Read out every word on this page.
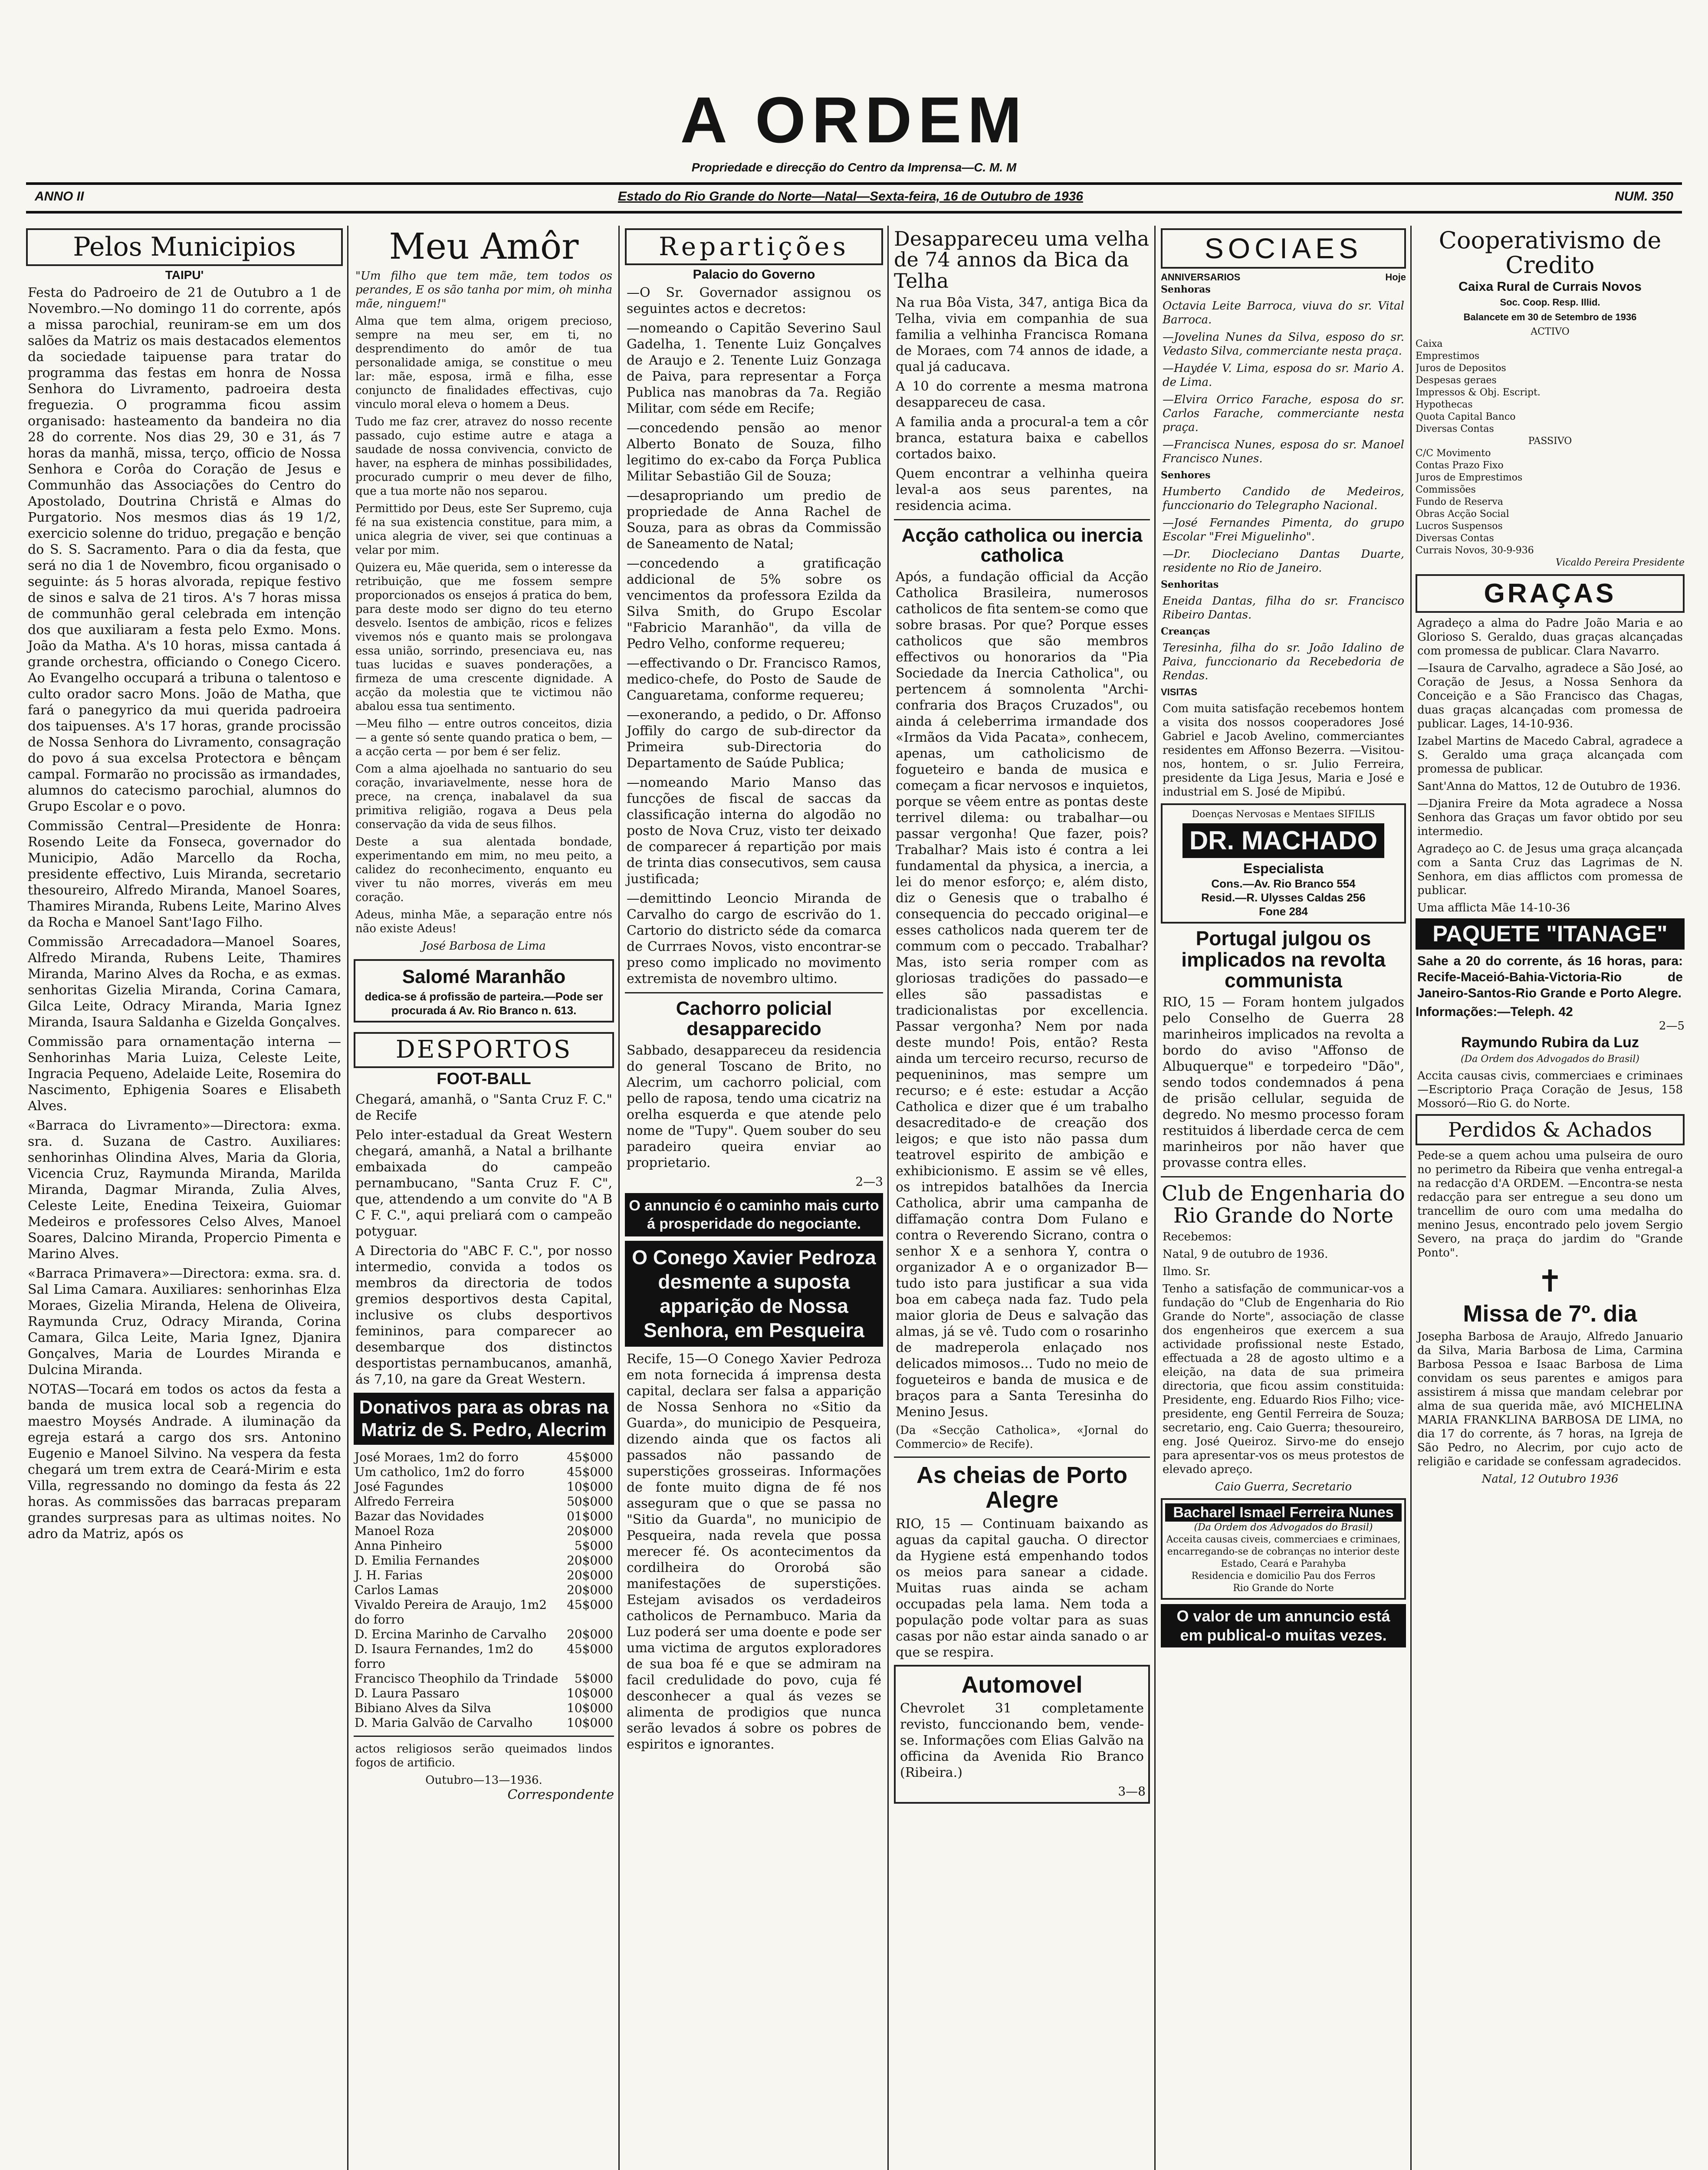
A ORDEM
Propriedade e direcção do Centro da Imprensa—C. M. M
ANNO II	Estado do Rio Grande do Norte—Natal—Sexta-feira, 16 de Outubro de 1936	NUM. 350
Pelos Municipios
TAIPU'

Festa do Padroeiro de 21 de Outubro a 1 de Novembro.—No domingo 11 do corrente, após a missa parochial, reuniram-se em um dos salões da Matriz os mais destacados elementos da sociedade taipuense para tratar do programma das festas em honra de Nossa Senhora do Livramento, padroeira desta freguezia. O programma ficou assim organisado: hasteamento da bandeira no dia 28 do corrente. Nos dias 29, 30 e 31, ás 7 horas da manhã, missa, terço, officio de Nossa Senhora e Corôa do Coração de Jesus e Communhão das Associações do Centro do Apostolado, Doutrina Christã e Almas do Purgatorio. Nos mesmos dias ás 19 1/2, exercicio solenne do triduo, pregação e benção do S. S. Sacramento. Para o dia da festa, que será no dia 1 de Novembro, ficou organisado o seguinte: ás 5 horas alvorada, repique festivo de sinos e salva de 21 tiros. A's 7 horas missa de communhão geral celebrada em intenção dos que auxiliaram a festa pelo Exmo. Mons. João da Matha. A's 10 horas, missa cantada á grande orchestra, officiando o Conego Cicero. Ao Evangelho occupará a tribuna o talentoso e culto orador sacro Mons. João de Matha, que fará o panegyrico da mui querida padroeira dos taipuenses. A's 17 horas, grande procissão de Nossa Senhora do Livramento, consagração do povo á sua excelsa Protectora e bênçam campal. Formarão no procissão as irmandades, alumnos do catecismo parochial, alumnos do Grupo Escolar e o povo.

Commissão Central—Presidente de Honra: Rosendo Leite da Fonseca, governador do Municipio, Adão Marcello da Rocha, presidente effectivo, Luis Miranda, secretario thesoureiro, Alfredo Miranda, Manoel Soares, Thamires Miranda, Rubens Leite, Marino Alves da Rocha e Manoel Sant'Iago Filho.

Commissão Arrecadadora—Manoel Soares, Alfredo Miranda, Rubens Leite, Thamires Miranda, Marino Alves da Rocha, e as exmas. senhoritas Gizelia Miranda, Corina Camara, Gilca Leite, Odracy Miranda, Maria Ignez Miranda, Isaura Saldanha e Gizelda Gonçalves.

Commissão para ornamentação interna — Senhorinhas Maria Luiza, Celeste Leite, Ingracia Pequeno, Adelaide Leite, Rosemira do Nascimento, Ephigenia Soares e Elisabeth Alves.

«Barraca do Livramento»—Directora: exma. sra. d. Suzana de Castro. Auxiliares: senhorinhas Olindina Alves, Maria da Gloria, Vicencia Cruz, Raymunda Miranda, Marilda Miranda, Dagmar Miranda, Zulia Alves, Celeste Leite, Enedina Teixeira, Guiomar Medeiros e professores Celso Alves, Manoel Soares, Dalcino Miranda, Propercio Pimenta e Marino Alves.

«Barraca Primavera»—Directora: exma. sra. d. Sal Lima Camara. Auxiliares: senhorinhas Elza Moraes, Gizelia Miranda, Helena de Oliveira, Raymunda Cruz, Odracy Miranda, Corina Camara, Gilca Leite, Maria Ignez, Djanira Gonçalves, Maria de Lourdes Miranda e Dulcina Miranda.

NOTAS—Tocará em todos os actos da festa a banda de musica local sob a regencia do maestro Moysés Andrade. A iluminação da egreja estará a cargo dos srs. Antonino Eugenio e Manoel Silvino. Na vespera da festa chegará um trem extra de Ceará-Mirim e esta Villa, regressando no domingo da festa ás 22 horas. As commissões das barracas preparam grandes surpresas para as ultimas noites. No adro da Matriz, após os

Meu Amôr

"Um filho que tem mãe, tem todos os perandes, E os são tanha por mim, oh minha mãe, ninguem!"

Alma que tem alma, origem precioso, sempre na meu ser, em ti, no desprendimento do amôr de tua personalidade amiga, se constitue o meu lar: mãe, esposa, irmã e filha, esse conjuncto de finalidades effectivas, cujo vinculo moral eleva o homem a Deus.

Tudo me faz crer, atravez do nosso recente passado, cujo estime autre e ataga a saudade de nossa convivencia, convicto de haver, na esphera de minhas possibilidades, procurado cumprir o meu dever de filho, que a tua morte não nos separou.

Permittido por Deus, este Ser Supremo, cuja fé na sua existencia constitue, para mim, a unica alegria de viver, sei que continuas a velar por mim.

Quizera eu, Mãe querida, sem o interesse da retribuição, que me fossem sempre proporcionados os ensejos á pratica do bem, para deste modo ser digno do teu eterno desvelo. Isentos de ambição, ricos e felizes vivemos nós e quanto mais se prolongava essa união, sorrindo, presenciava eu, nas tuas lucidas e suaves ponderações, a firmeza de uma crescente dignidade. A acção da molestia que te victimou não abalou essa tua sentimento.

—Meu filho — entre outros conceitos, dizia — a gente só sente quando pratica o bem, — a acção certa — por bem é ser feliz.

Com a alma ajoelhada no santuario do seu coração, invariavelmente, nesse hora de prece, na crença, inabalavel da sua primitiva religião, rogava a Deus pela conservação da vida de seus filhos.

Deste a sua alentada bondade, experimentando em mim, no meu peito, a calidez do reconhecimento, enquanto eu viver tu não morres, viverás em meu coração.

Adeus, minha Mãe, a separação entre nós não existe Adeus!

José Barbosa de Lima
Salomé Maranhão
dedica-se á profissão de parteira.—Pode ser procurada á Av. Rio Branco n. 613.
DESPORTOS
FOOT-BALL

Chegará, amanhã, o "Santa Cruz F. C." de Recife

Pelo inter-estadual da Great Western chegará, amanhã, a Natal a brilhante embaixada do campeão pernambucano, "Santa Cruz F. C", que, attendendo a um convite do "A B C F. C.", aqui preliará com o campeão potyguar.

A Directoria do "ABC F. C.", por nosso intermedio, convida a todos os membros da directoria de todos gremios desportivos desta Capital, inclusive os clubs desportivos femininos, para comparecer ao desembarque dos distinctos desportistas pernambucanos, amanhã, ás 7,10, na gare da Great Western.

Donativos para as obras na Matriz de S. Pedro, Alecrim
José Moraes, 1m2 do forro	45$000
Um catholico, 1m2 do forro	45$000
José Fagundes	10$000
Alfredo Ferreira	50$000
Bazar das Novidades	01$000
Manoel Roza	20$000
Anna Pinheiro	5$000
D. Emilia Fernandes	20$000
J. H. Farias	20$000
Carlos Lamas	20$000
Vivaldo Pereira de Araujo, 1m2 do forro	45$000
D. Ercina Marinho de Carvalho	20$000
D. Isaura Fernandes, 1m2 do forro	45$000
Francisco Theophilo da Trindade	5$000
D. Laura Passaro	10$000
Bibiano Alves da Silva	10$000
D. Maria Galvão de Carvalho	10$000

actos religiosos serão queimados lindos fogos de artificio.

Outubro—13—1936.
Correspondente
Repartições
Palacio do Governo

—O Sr. Governador assignou os seguintes actos e decretos:

—nomeando o Capitão Severino Saul Gadelha, 1. Tenente Luiz Gonçalves de Araujo e 2. Tenente Luiz Gonzaga de Paiva, para representar a Força Publica nas manobras da 7a. Região Militar, com séde em Recife;

—concedendo pensão ao menor Alberto Bonato de Souza, filho legitimo do ex-cabo da Força Publica Militar Sebastião Gil de Souza;

—desapropriando um predio de propriedade de Anna Rachel de Souza, para as obras da Commissão de Saneamento de Natal;

—concedendo a gratificação addicional de 5% sobre os vencimentos da professora Ezilda da Silva Smith, do Grupo Escolar "Fabricio Maranhão", da villa de Pedro Velho, conforme requereu;

—effectivando o Dr. Francisco Ramos, medico-chefe, do Posto de Saude de Canguaretama, conforme requereu;

—exonerando, a pedido, o Dr. Affonso Joffily do cargo de sub-director da Primeira sub-Directoria do Departamento de Saúde Publica;

—nomeando Mario Manso das funcções de fiscal de saccas da classificação interna do algodão no posto de Nova Cruz, visto ter deixado de comparecer á repartição por mais de trinta dias consecutivos, sem causa justificada;

—demittindo Leoncio Miranda de Carvalho do cargo de escrivão do 1. Cartorio do districto séde da comarca de Currraes Novos, visto encontrar-se preso como implicado no movimento extremista de novembro ultimo.

Cachorro policial desapparecido

Sabbado, desappareceu da residencia do general Toscano de Brito, no Alecrim, um cachorro policial, com pello de raposa, tendo uma cicatriz na orelha esquerda e que atende pelo nome de "Tupy". Quem souber do seu paradeiro queira enviar ao proprietario.

2—3
O annuncio é o caminho mais curto á prosperidade do negociante.
O Conego Xavier Pedroza desmente a suposta apparição de Nossa Senhora, em Pesqueira

Recife, 15—O Conego Xavier Pedroza em nota fornecida á imprensa desta capital, declara ser falsa a apparição de Nossa Senhora no «Sitio da Guarda», do municipio de Pesqueira, dizendo ainda que os factos ali passados não passando de superstições grosseiras. Informações de fonte muito digna de fé nos asseguram que o que se passa no "Sitio da Guarda", no municipio de Pesqueira, nada revela que possa merecer fé. Os acontecimentos da cordilheira do Ororobá são manifestações de superstições. Estejam avisados os verdadeiros catholicos de Pernambuco. Maria da Luz poderá ser uma doente e pode ser uma victima de argutos exploradores de sua boa fé e que se admiram na facil credulidade do povo, cuja fé desconhecer a qual ás vezes se alimenta de prodigios que nunca serão levados á sobre os pobres de espiritos e ignorantes.

Desappareceu uma velha de 74 annos da Bica da Telha

Na rua Bôa Vista, 347, antiga Bica da Telha, vivia em companhia de sua familia a velhinha Francisca Romana de Moraes, com 74 annos de idade, a qual já caducava.

A 10 do corrente a mesma matrona desappareceu de casa.

A familia anda a procural-a tem a côr branca, estatura baixa e cabellos cortados baixo.

Quem encontrar a velhinha queira leval-a aos seus parentes, na residencia acima.

Acção catholica ou inercia catholica

Após, a fundação official da Acção Catholica Brasileira, numerosos catholicos de fita sentem-se como que sobre brasas. Por que? Porque esses catholicos que são membros effectivos ou honorarios da "Pia Sociedade da Inercia Catholica", ou pertencem á somnolenta "Archi-confraria dos Braços Cruzados", ou ainda á celeberrima irmandade dos «Irmãos da Vida Pacata», conhecem, apenas, um catholicismo de fogueteiro e banda de musica e começam a ficar nervosos e inquietos, porque se vêem entre as pontas deste terrivel dilema: ou trabalhar—ou passar vergonha! Que fazer, pois? Trabalhar? Mais isto é contra a lei fundamental da physica, a inercia, a lei do menor esforço; e, além disto, diz o Genesis que o trabalho é consequencia do peccado original—e esses catholicos nada querem ter de commum com o peccado. Trabalhar? Mas, isto seria romper com as gloriosas tradições do passado—e elles são passadistas e tradicionalistas por excellencia. Passar vergonha? Nem por nada deste mundo! Pois, então? Resta ainda um terceiro recurso, recurso de pequenininos, mas sempre um recurso; e é este: estudar a Acção Catholica e dizer que é um trabalho desacreditado-e de creação dos leigos; e que isto não passa dum teatrovel espirito de ambição e exhibicionismo. E assim se vê elles, os intrepidos batalhões da Inercia Catholica, abrir uma campanha de diffamação contra Dom Fulano e contra o Reverendo Sicrano, contra o senhor X e a senhora Y, contra o organizador A e o organizador B—tudo isto para justificar a sua vida boa em cabeça nada faz. Tudo pela maior gloria de Deus e salvação das almas, já se vê. Tudo com o rosarinho de madreperola enlaçado nos delicados mimosos... Tudo no meio de fogueteiros e banda de musica e de braços para a Santa Teresinha do Menino Jesus.

(Da «Secção Catholica», «Jornal do Commercio» de Recife).

As cheias de Porto Alegre

RIO, 15 — Continuam baixando as aguas da capital gaucha. O director da Hygiene está empenhando todos os meios para sanear a cidade. Muitas ruas ainda se acham occupadas pela lama. Nem toda a população pode voltar para as suas casas por não estar ainda sanado o ar que se respira.

Automovel

Chevrolet 31 completamente revisto, funccionando bem, vende-se. Informações com Elias Galvão na officina da Avenida Rio Branco (Ribeira.)

3—8
SOCIAES
ANNIVERSARIOS	Hoje
Senhoras

Octavia Leite Barroca, viuva do sr. Vital Barroca.

—Jovelina Nunes da Silva, esposo do sr. Vedasto Silva, commerciante nesta praça.

—Haydée V. Lima, esposa do sr. Mario A. de Lima.

—Elvira Orrico Farache, esposa do sr. Carlos Farache, commerciante nesta praça.

—Francisca Nunes, esposa do sr. Manoel Francisco Nunes.

Senhores

Humberto Candido de Medeiros, funccionario do Telegrapho Nacional.

—José Fernandes Pimenta, do grupo Escolar "Frei Miguelinho".

—Dr. Diocleciano Dantas Duarte, residente no Rio de Janeiro.

Senhoritas

Eneida Dantas, filha do sr. Francisco Ribeiro Dantas.

Creanças

Teresinha, filha do sr. João Idalino de Paiva, funccionario da Recebedoria de Rendas.

VISITAS

Com muita satisfação recebemos hontem a visita dos nossos cooperadores José Gabriel e Jacob Avelino, commerciantes residentes em Affonso Bezerra. —Visitou-nos, hontem, o sr. Julio Ferreira, presidente da Liga Jesus, Maria e José e industrial em S. José de Mipibú.

Doenças Nervosas e Mentaes SIFILIS
DR. MACHADO
Especialista
Cons.—Av. Rio Branco 554
Resid.—R. Ulysses Caldas 256
Fone 284
Portugal julgou os implicados na revolta communista

RIO, 15 — Foram hontem julgados pelo Conselho de Guerra 28 marinheiros implicados na revolta a bordo do aviso "Affonso de Albuquerque" e torpedeiro "Dão", sendo todos condemnados á pena de prisão cellular, seguida de degredo. No mesmo processo foram restituidos á liberdade cerca de cem marinheiros por não haver que provasse contra elles.

Club de Engenharia do Rio Grande do Norte

Recebemos:

Natal, 9 de outubro de 1936.

Ilmo. Sr.

Tenho a satisfação de communicar-vos a fundação do "Club de Engenharia do Rio Grande do Norte", associação de classe dos engenheiros que exercem a sua actividade profissional neste Estado, effectuada a 28 de agosto ultimo e a eleição, na data de sua primeira directoria, que ficou assim constituida: Presidente, eng. Eduardo Rios Filho; vice-presidente, eng Gentil Ferreira de Souza; secretario, eng. Caio Guerra; thesoureiro, eng. José Queiroz. Sirvo-me do ensejo para apresentar-vos os meus protestos de elevado apreço.

Caio Guerra, Secretario
Bacharel Ismael Ferreira Nunes
(Da Ordem dos Advogados do Brasil)
Acceita causas civeis, commerciaes e criminaes, encarregando-se de cobranças no interior deste Estado, Ceará e Parahyba
Residencia e domicilio Pau dos Ferros
Rio Grande do Norte
O valor de um annuncio está em publical-o muitas vezes.
Cooperativismo de Credito
Caixa Rural de Currais Novos
Soc. Coop. Resp. Illid.
Balancete em 30 de Setembro de 1936
ACTIVO
Caixa
Emprestimos
Juros de Depositos
Despesas geraes
Impressos & Obj. Escript.
Hypothecas
Quota Capital Banco
Diversas Contas
PASSIVO
C/C Movimento
Contas Prazo Fixo
Juros de Emprestimos
Commissões
Fundo de Reserva
Obras Acção Social
Lucros Suspensos
Diversas Contas
Currais Novos, 30-9-936
Vicaldo Pereira Presidente
GRAÇAS

Agradeço a alma do Padre João Maria e ao Glorioso S. Geraldo, duas graças alcançadas com promessa de publicar. Clara Navarro.

—Isaura de Carvalho, agradece a São José, ao Coração de Jesus, a Nossa Senhora da Conceição e a São Francisco das Chagas, duas graças alcançadas com promessa de publicar. Lages, 14-10-936.

Izabel Martins de Macedo Cabral, agradece a S. Geraldo uma graça alcançada com promessa de publicar.

Sant'Anna do Mattos, 12 de Outubro de 1936.

—Djanira Freire da Mota agradece a Nossa Senhora das Graças um favor obtido por seu intermedio.

Agradeço ao C. de Jesus uma graça alcançada com a Santa Cruz das Lagrimas de N. Senhora, em dias afflictos com promessa de publicar.

Uma afflicta Mãe 14-10-36

PAQUETE "ITANAGE"

Sahe a 20 do corrente, ás 16 horas, para: Recife-Maceió-Bahia-Victoria-Rio de Janeiro-Santos-Rio Grande e Porto Alegre.

Informações:—Teleph. 42
2—5
Raymundo Rubira da Luz
(Da Ordem dos Advogados do Brasil)

Accita causas civis, commerciaes e criminaes—Escriptorio Praça Coração de Jesus, 158 Mossoró—Rio G. do Norte.

Perdidos & Achados

Pede-se a quem achou uma pulseira de ouro no perimetro da Ribeira que venha entregal-a na redacção d'A ORDEM. —Encontra-se nesta redacção para ser entregue a seu dono um trancellim de ouro com uma medalha do menino Jesus, encontrado pelo jovem Sergio Severo, na praça do jardim do "Grande Ponto".

✝
Missa de 7º. dia

Josepha Barbosa de Araujo, Alfredo Januario da Silva, Maria Barbosa de Lima, Carmina Barbosa Pessoa e Isaac Barbosa de Lima convidam os seus parentes e amigos para assistirem á missa que mandam celebrar por alma de sua querida mãe, avó MICHELINA MARIA FRANKLINA BARBOSA DE LIMA, no dia 17 do corrente, ás 7 horas, na Igreja de São Pedro, no Alecrim, por cujo acto de religião e caridade se confessam agradecidos.

Natal, 12 Outubro 1936
